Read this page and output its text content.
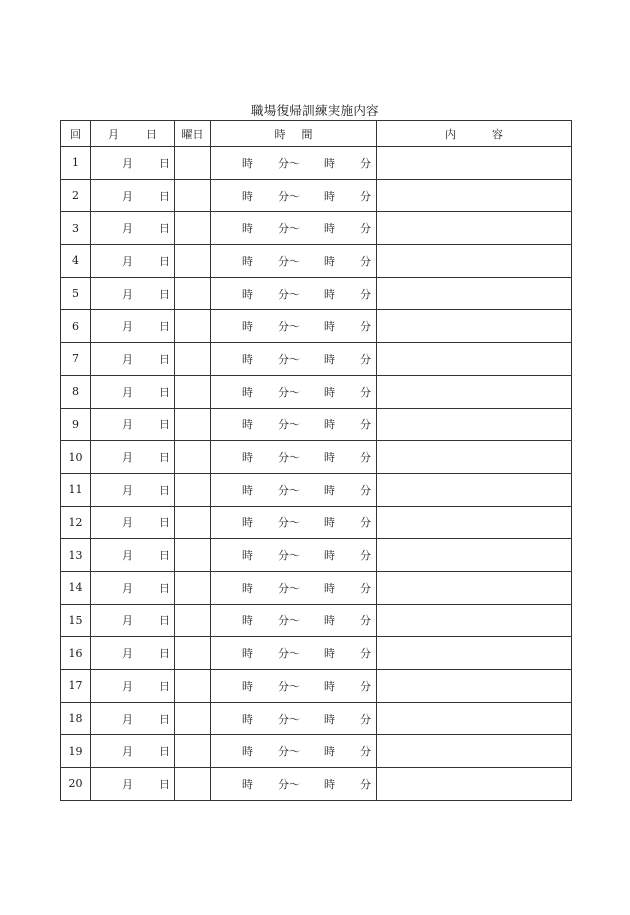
職場復帰訓練実施内容
回	月 日	曜日	時 間	内 容

1	月 日		時 分～ 時 分	

2	月 日		時 分～ 時 分	

3	月 日		時 分～ 時 分	

4	月 日		時 分～ 時 分	

5	月 日		時 分～ 時 分	

6	月 日		時 分～ 時 分	

7	月 日		時 分～ 時 分	

8	月 日		時 分～ 時 分	

9	月 日		時 分～ 時 分	

10	月 日		時 分～ 時 分	

11	月 日		時 分～ 時 分	

12	月 日		時 分～ 時 分	

13	月 日		時 分～ 時 分	

14	月 日		時 分～ 時 分	

15	月 日		時 分～ 時 分	

16	月 日		時 分～ 時 分	

17	月 日		時 分～ 時 分	

18	月 日		時 分～ 時 分	

19	月 日		時 分～ 時 分	

20	月 日		時 分～ 時 分	
